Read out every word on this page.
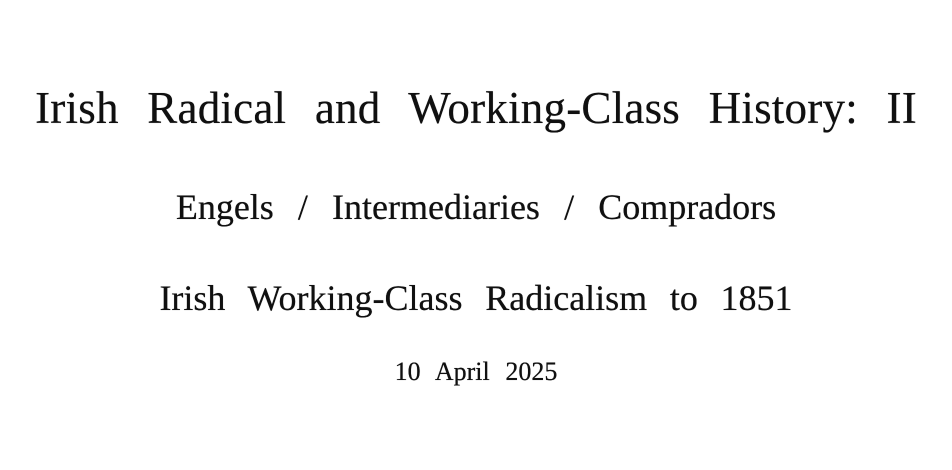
Irish Radical and Working-Class History: II
Engels / Intermediaries / Compradors
Irish Working-Class Radicalism to 1851
10 April 2025
